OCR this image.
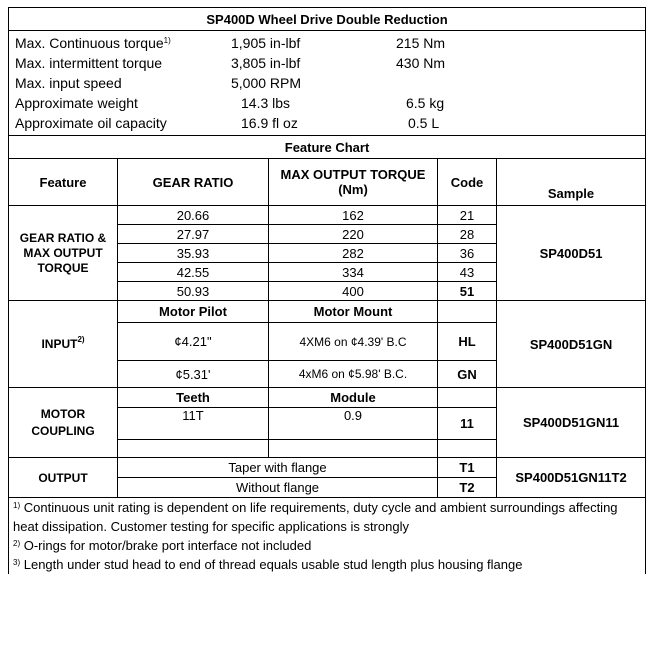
SP400D Wheel Drive Double Reduction				

Max. Continuous torque$^{1)}$ 1,905 in-lbf 215 Nm
Max. intermittent torque 3,805 in-lbf 430 Nm
Max. input speed 5,000 RPM
Approximate weight 14.3 lbs 6.5 kg
Approximate oil capacity 16.9 fl oz 0.5 L				

Feature Chart				
Feature	GEAR RATIO	MAX OUTPUT TORQUE (Nm)	Code	Sample
GEAR RATIO & MAX OUTPUT TORQUE	20.66	162	21	SP400D51
	27.97	220	28	
	35.93	282	36	
	42.55	334	43	
	50.93	400	51	
INPUT$^{2)}$	Motor Pilot	Motor Mount		SP400D51GN
	¢4.21"	4XM6 on ¢4.39' B.C	HL	
	¢5.31'	4xM6 on ¢5.98' B.C.	GN	
MOTOR COUPLING	Teeth	Module		SP400D51GN11
	11T	0.9	11	

OUTPUT	Taper with flange		T1	SP400D51GN11T2
	Without flange		T2	

$^{1)}$ Continuous unit rating is dependent on life requirements, duty cycle and ambient surroundings affecting heat dissipation. Customer testing for specific applications is strongly
$^{2)}$ O-rings for motor/brake port interface not included
$^{3)}$ Length under stud head to end of thread equals usable stud length plus housing flange				
